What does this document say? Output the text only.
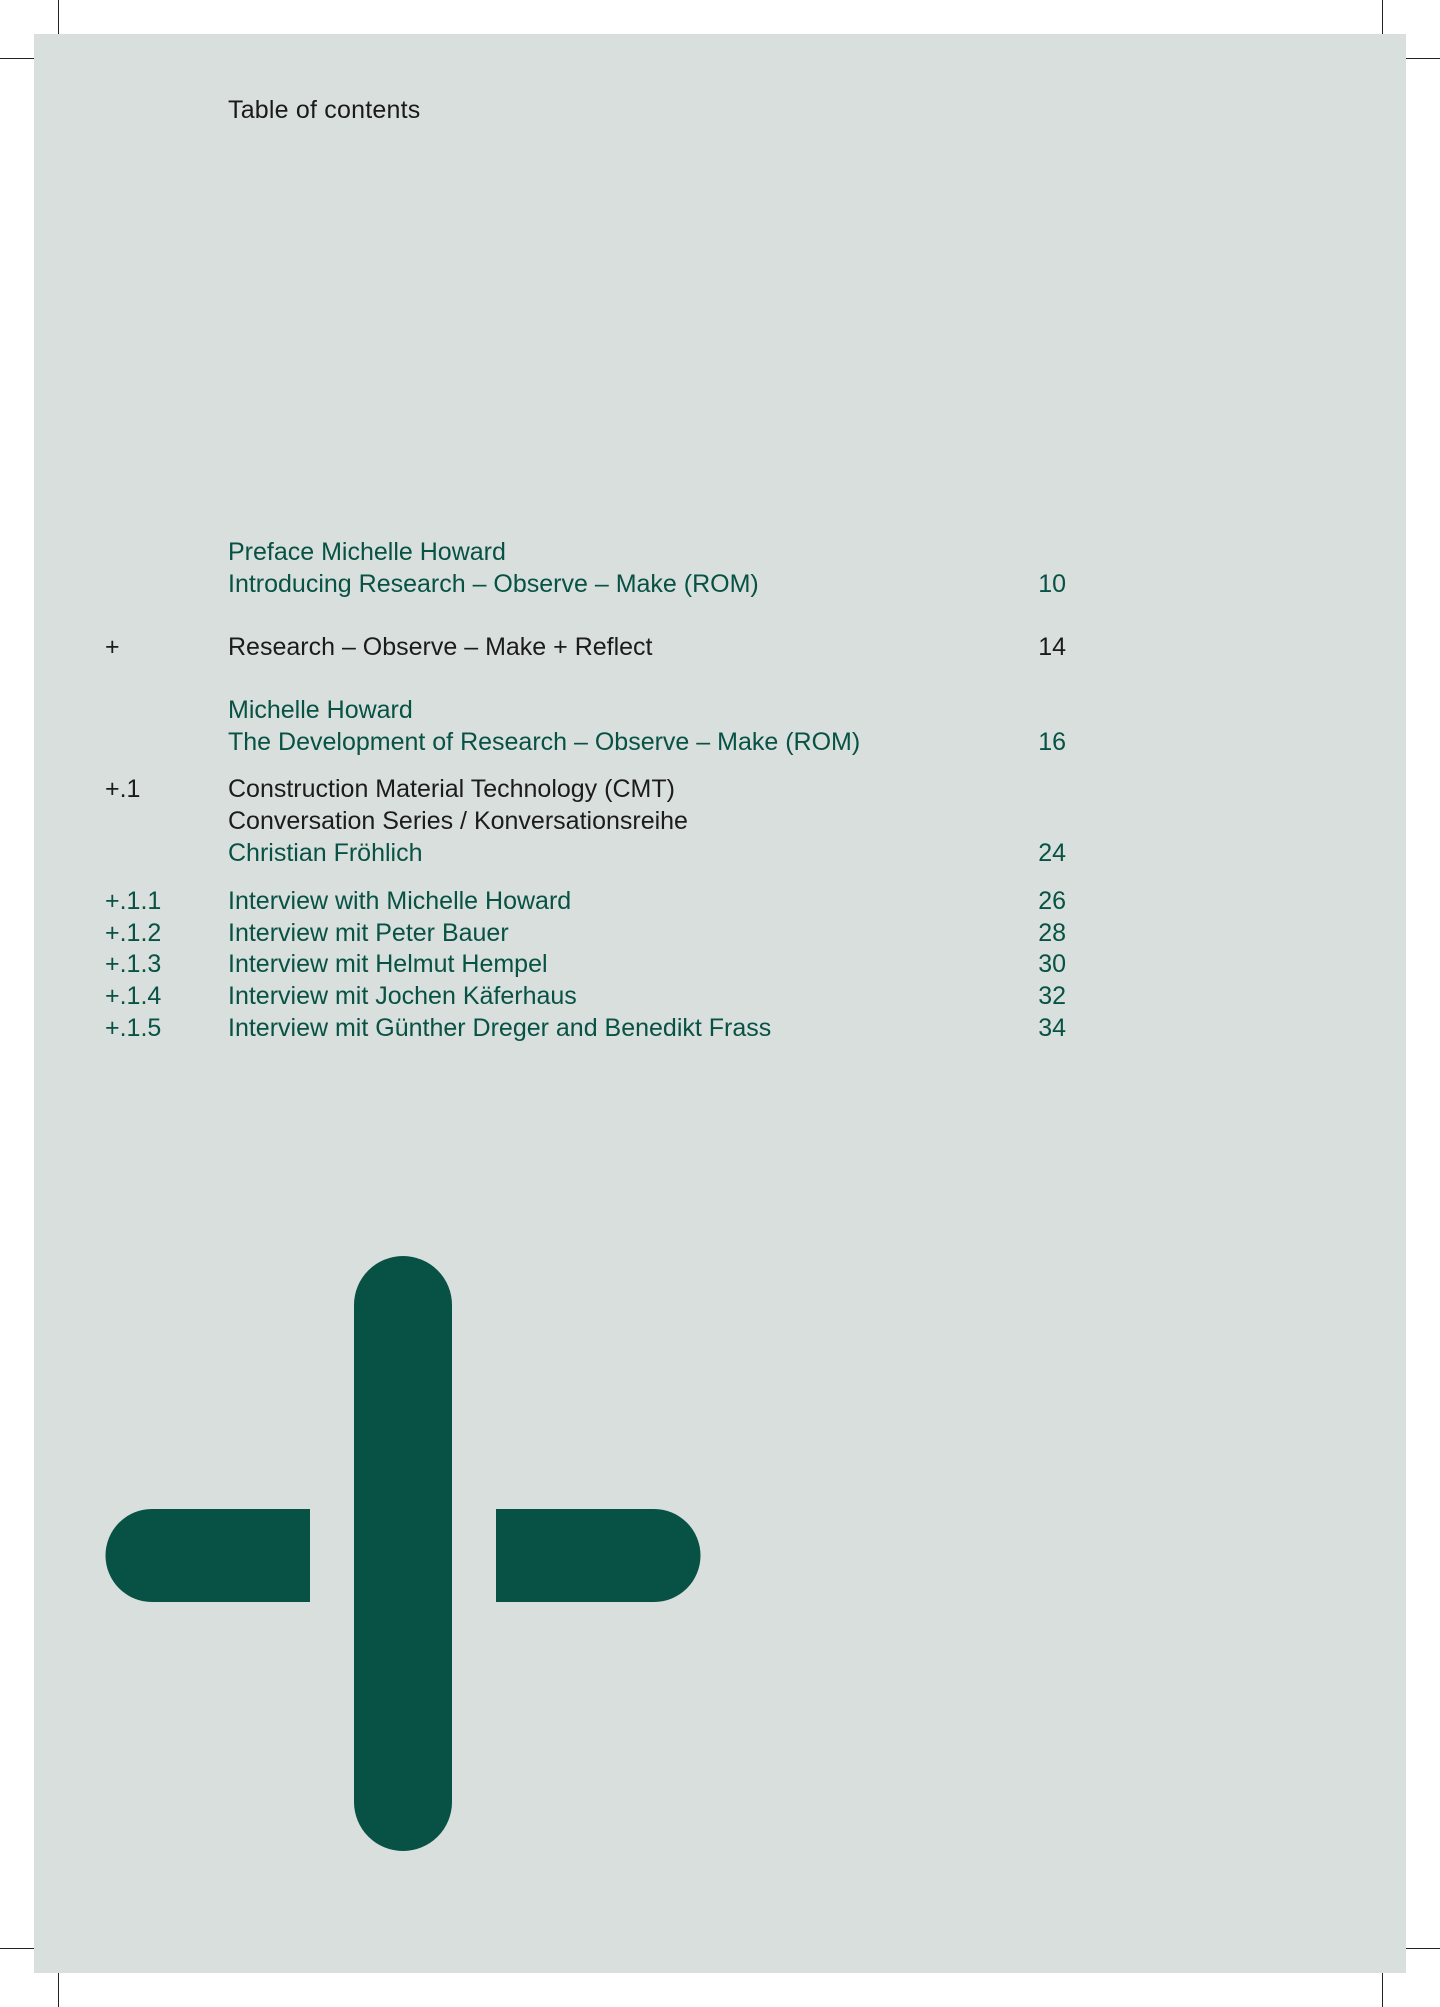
Table of contents
Preface Michelle Howard
Introducing Research – Observe – Make (ROM)	10
+	Research – Observe – Make + Reflect	14
Michelle Howard
The Development of Research – Observe – Make (ROM)	16
+.1	Construction Material Technology (CMT)
Conversation Series / Konversationsreihe
Christian Fröhlich	24
+.1.1	Interview with Michelle Howard	26
+.1.2	Interview mit Peter Bauer	28
+.1.3	Interview mit Helmut Hempel	30
+.1.4	Interview mit Jochen Käferhaus	32
+.1.5	Interview mit Günther Dreger and Benedikt Frass	34
